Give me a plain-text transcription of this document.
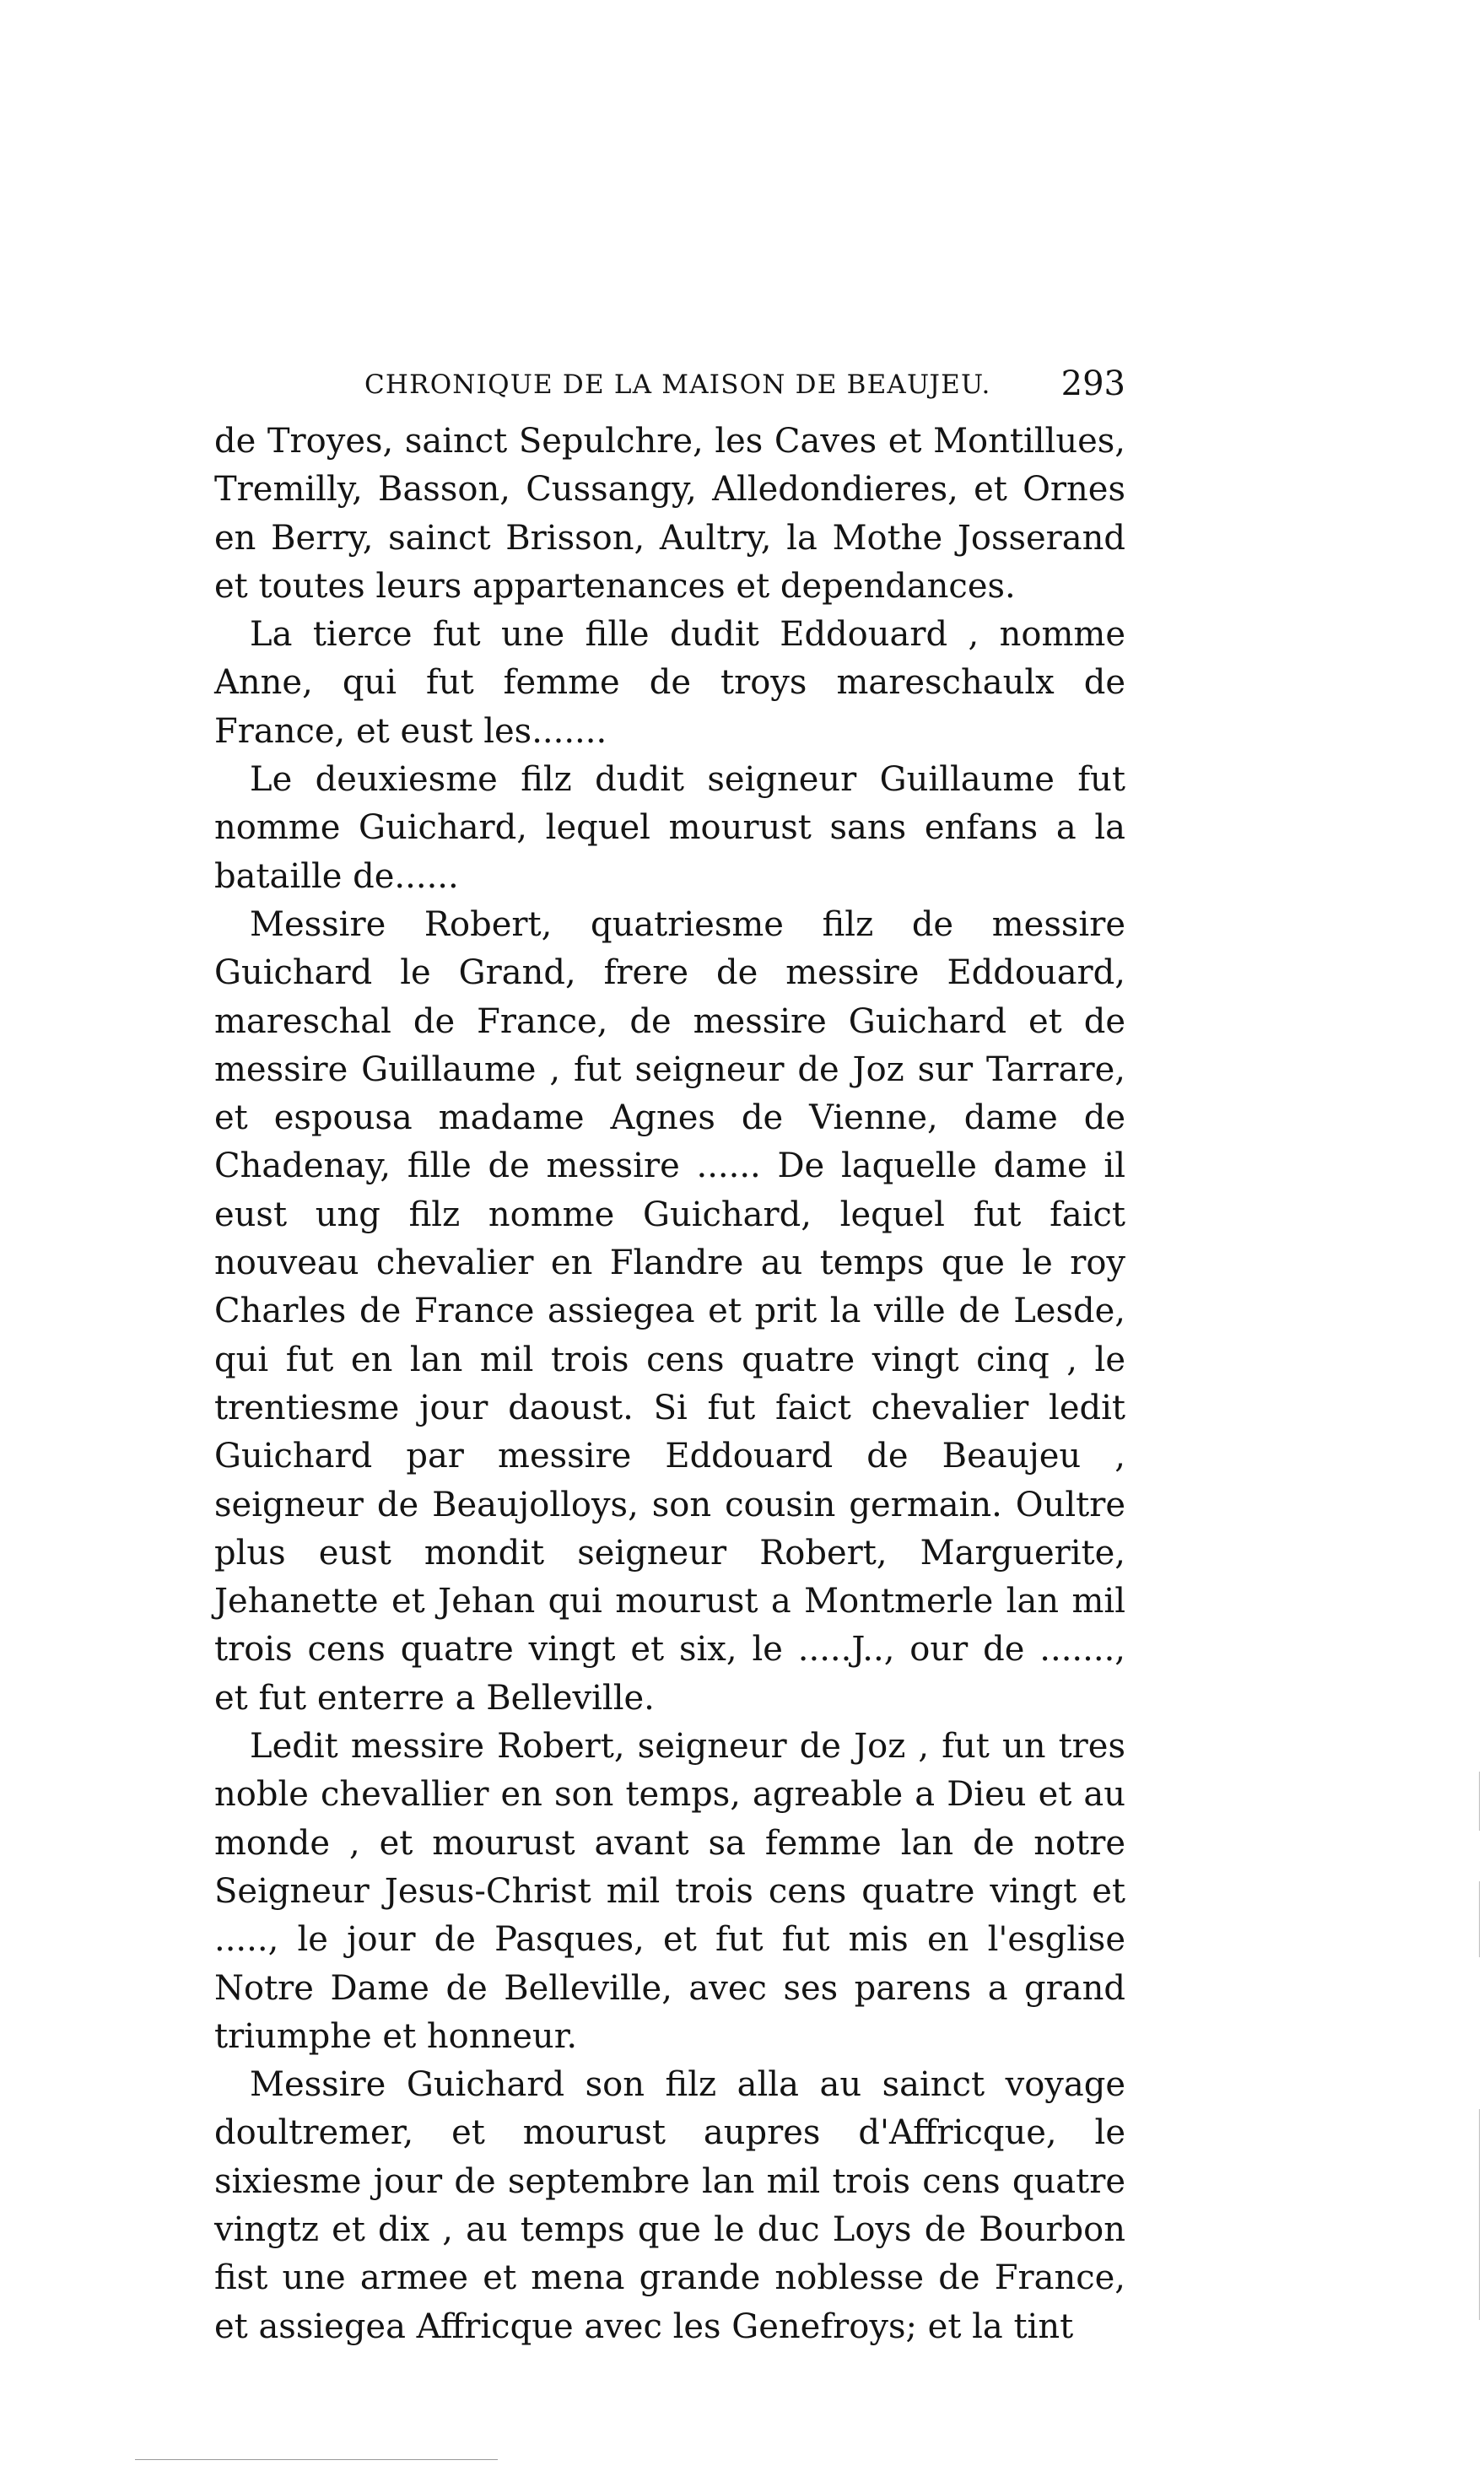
CHRONIQUE DE LA MAISON DE BEAUJEU. 293

de Troyes, sainct Sepulchre, les Caves et Montillues, Tremilly, Basson, Cussangy, Alledondieres, et Ornes en Berry, sainct Brisson, Aultry, la Mothe Josserand et toutes leurs appartenances et dependances.

La tierce fut une fille dudit Eddouard , nomme Anne, qui fut femme de troys mareschaulx de France, et eust les.......

Le deuxiesme filz dudit seigneur Guillaume fut nomme Guichard, lequel mourust sans enfans a la bataille de......

Messire Robert, quatriesme filz de messire Guichard le Grand, frere de messire Eddouard, mareschal de France, de messire Guichard et de messire Guillaume , fut seigneur de Joz sur Tarrare, et espousa madame Agnes de Vienne, dame de Chadenay, fille de messire ...... De laquelle dame il eust ung filz nomme Guichard, lequel fut faict nouveau chevalier en Flandre au temps que le roy Charles de France assiegea et prit la ville de Lesde, qui fut en lan mil trois cens quatre vingt cinq , le trentiesme jour daoust. Si fut faict chevalier ledit Guichard par messire Eddouard de Beaujeu , seigneur de Beaujolloys, son cousin germain. Oultre plus eust mondit seigneur Robert, Marguerite, Jehanette et Jehan qui mourust a Montmerle lan mil trois cens quatre vingt et six, le .....J.., our de ......., et fut enterre a Belleville.

Ledit messire Robert, seigneur de Joz , fut un tres noble chevallier en son temps, agreable a Dieu et au monde , et mourust avant sa femme lan de notre Seigneur Jesus-Christ mil trois cens quatre vingt et ....., le jour de Pasques, et fut fut mis en l'esglise Notre Dame de Belleville, avec ses parens a grand triumphe et honneur.

Messire Guichard son filz alla au sainct voyage doultremer, et mourust aupres d'Affricque, le sixiesme jour de septembre lan mil trois cens quatre vingtz et dix , au temps que le duc Loys de Bourbon fist une armee et mena grande noblesse de France, et assiegea Affricque avec les Genefroys; et la tint
